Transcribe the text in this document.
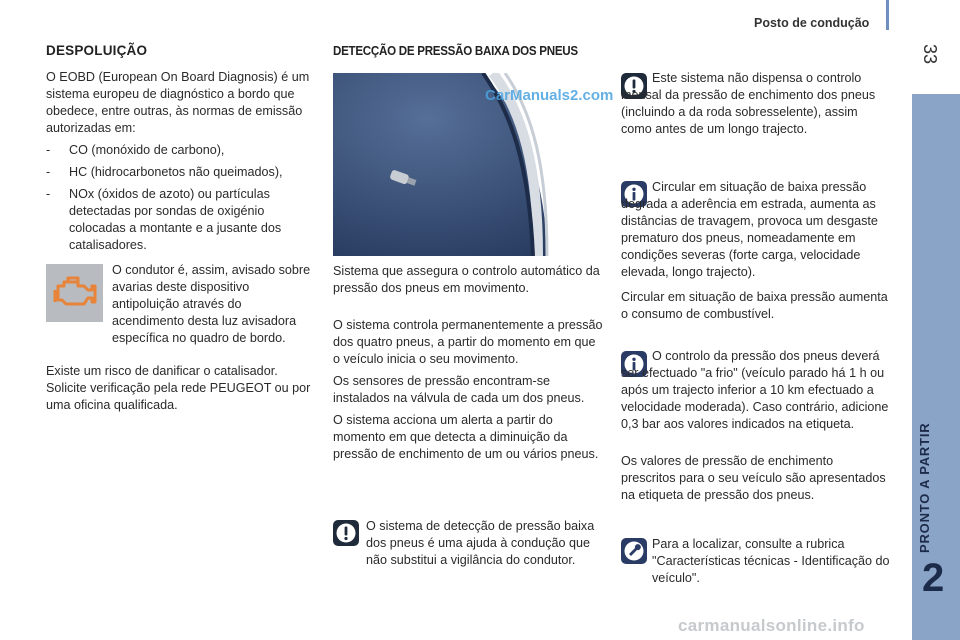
Posto de condução
33
PRONTO A PARTIR
2
DESPOLUIÇÃO

O EOBD (European On Board Diagnosis) é um sistema europeu de diagnóstico a bordo que obedece, entre outras, às normas de emissão autorizadas em:

- CO (monóxido de carbono),
- HC (hidrocarbonetos não queimados),
- NOx (óxidos de azoto) ou partículas detectadas por sondas de oxigénio colocadas a montante e a jusante dos catalisadores.
O condutor é, assim, avisado sobre avarias deste dispositivo antipoluição através do acendimento desta luz avisadora específica no quadro de bordo.
Existe um risco de danificar o catalisador. Solicite verificação pela rede PEUGEOT ou por uma oficina qualificada.
DETECÇÃO DE PRESSÃO BAIXA DOS PNEUS
CarManuals2.com
Sistema que assegura o controlo automático da pressão dos pneus em movimento.

O sistema controla permanentemente a pressão dos quatro pneus, a partir do momento em que o veículo inicia o seu movimento.

Os sensores de pressão encontram-se instalados na válvula de cada um dos pneus.

O sistema acciona um alerta a partir do momento em que detecta a diminuição da pressão de enchimento de um ou vários pneus.

O sistema de detecção de pressão baixa dos pneus é uma ajuda à condução que não substitui a vigilância do condutor.
Este sistema não dispensa o controlo mensal da pressão de enchimento dos pneus (incluindo a da roda sobresselente), assim como antes de um longo trajecto.
Circular em situação de baixa pressão degrada a aderência em estrada, aumenta as distâncias de travagem, provoca um desgaste prematuro dos pneus, nomeadamente em condições severas (forte carga, velocidade elevada, longo trajecto).
Circular em situação de baixa pressão aumenta o consumo de combustível.
O controlo da pressão dos pneus deverá ser efectuado "a frio" (veículo parado há 1 h ou após um trajecto inferior a 10 km efectuado a velocidade moderada). Caso contrário, adicione 0,3 bar aos valores indicados na etiqueta.
Os valores de pressão de enchimento prescritos para o seu veículo são apresentados na etiqueta de pressão dos pneus.
Para a localizar, consulte a rubrica "Características técnicas - Identificação do veículo".
carmanualsonline.info
